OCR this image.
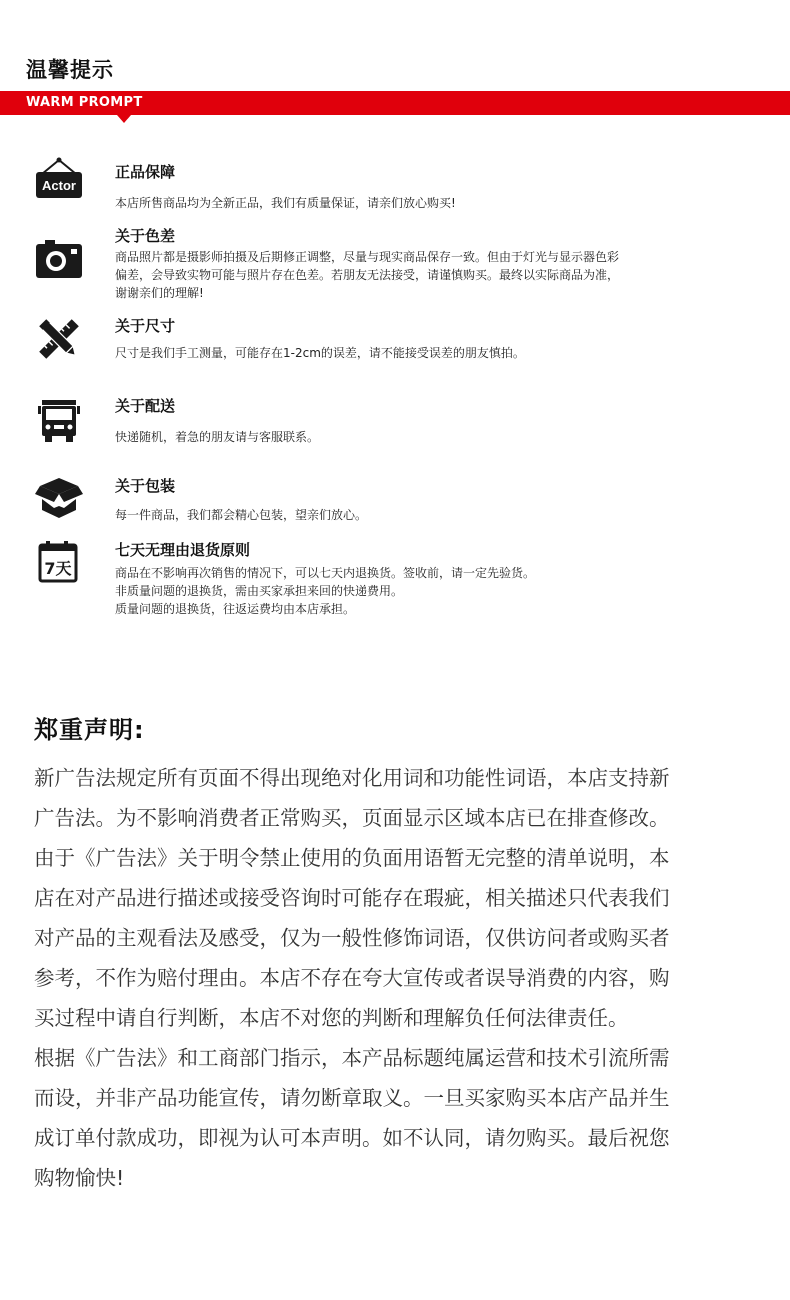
温馨提示
WARM PROMPT
Actor
正品保障

本店所售商品均为全新正品，我们有质量保证，请亲们放心购买!

关于色差

商品照片都是摄影师拍摄及后期修正调整，尽量与现实商品保存一致。但由于灯光与显示器色彩
偏差，会导致实物可能与照片存在色差。若朋友无法接受，请谨慎购买。最终以实际商品为准，
谢谢亲们的理解!

关于尺寸

尺寸是我们手工测量，可能存在1-2cm的误差，请不能接受误差的朋友慎拍。

关于配送

快递随机，着急的朋友请与客服联系。

关于包装

每一件商品，我们都会精心包装，望亲们放心。

7天
七天无理由退货原则

商品在不影响再次销售的情况下，可以七天内退换货。签收前，请一定先验货。
非质量问题的退换货，需由买家承担来回的快递费用。
质量问题的退换货，往返运费均由本店承担。

郑重声明:

新广告法规定所有页面不得出现绝对化用词和功能性词语，本店支持新
广告法。为不影响消费者正常购买，页面显示区域本店已在排查修改。
由于《广告法》关于明令禁止使用的负面用语暂无完整的清单说明，本
店在对产品进行描述或接受咨询时可能存在瑕疵，相关描述只代表我们
对产品的主观看法及感受，仅为一般性修饰词语，仅供访问者或购买者
参考，不作为赔付理由。本店不存在夸大宣传或者误导消费的内容，购
买过程中请自行判断，本店不对您的判断和理解负任何法律责任。
根据《广告法》和工商部门指示，本产品标题纯属运营和技术引流所需
而设，并非产品功能宣传，请勿断章取义。一旦买家购买本店产品并生
成订单付款成功，即视为认可本声明。如不认同，请勿购买。最后祝您
购物愉快!
